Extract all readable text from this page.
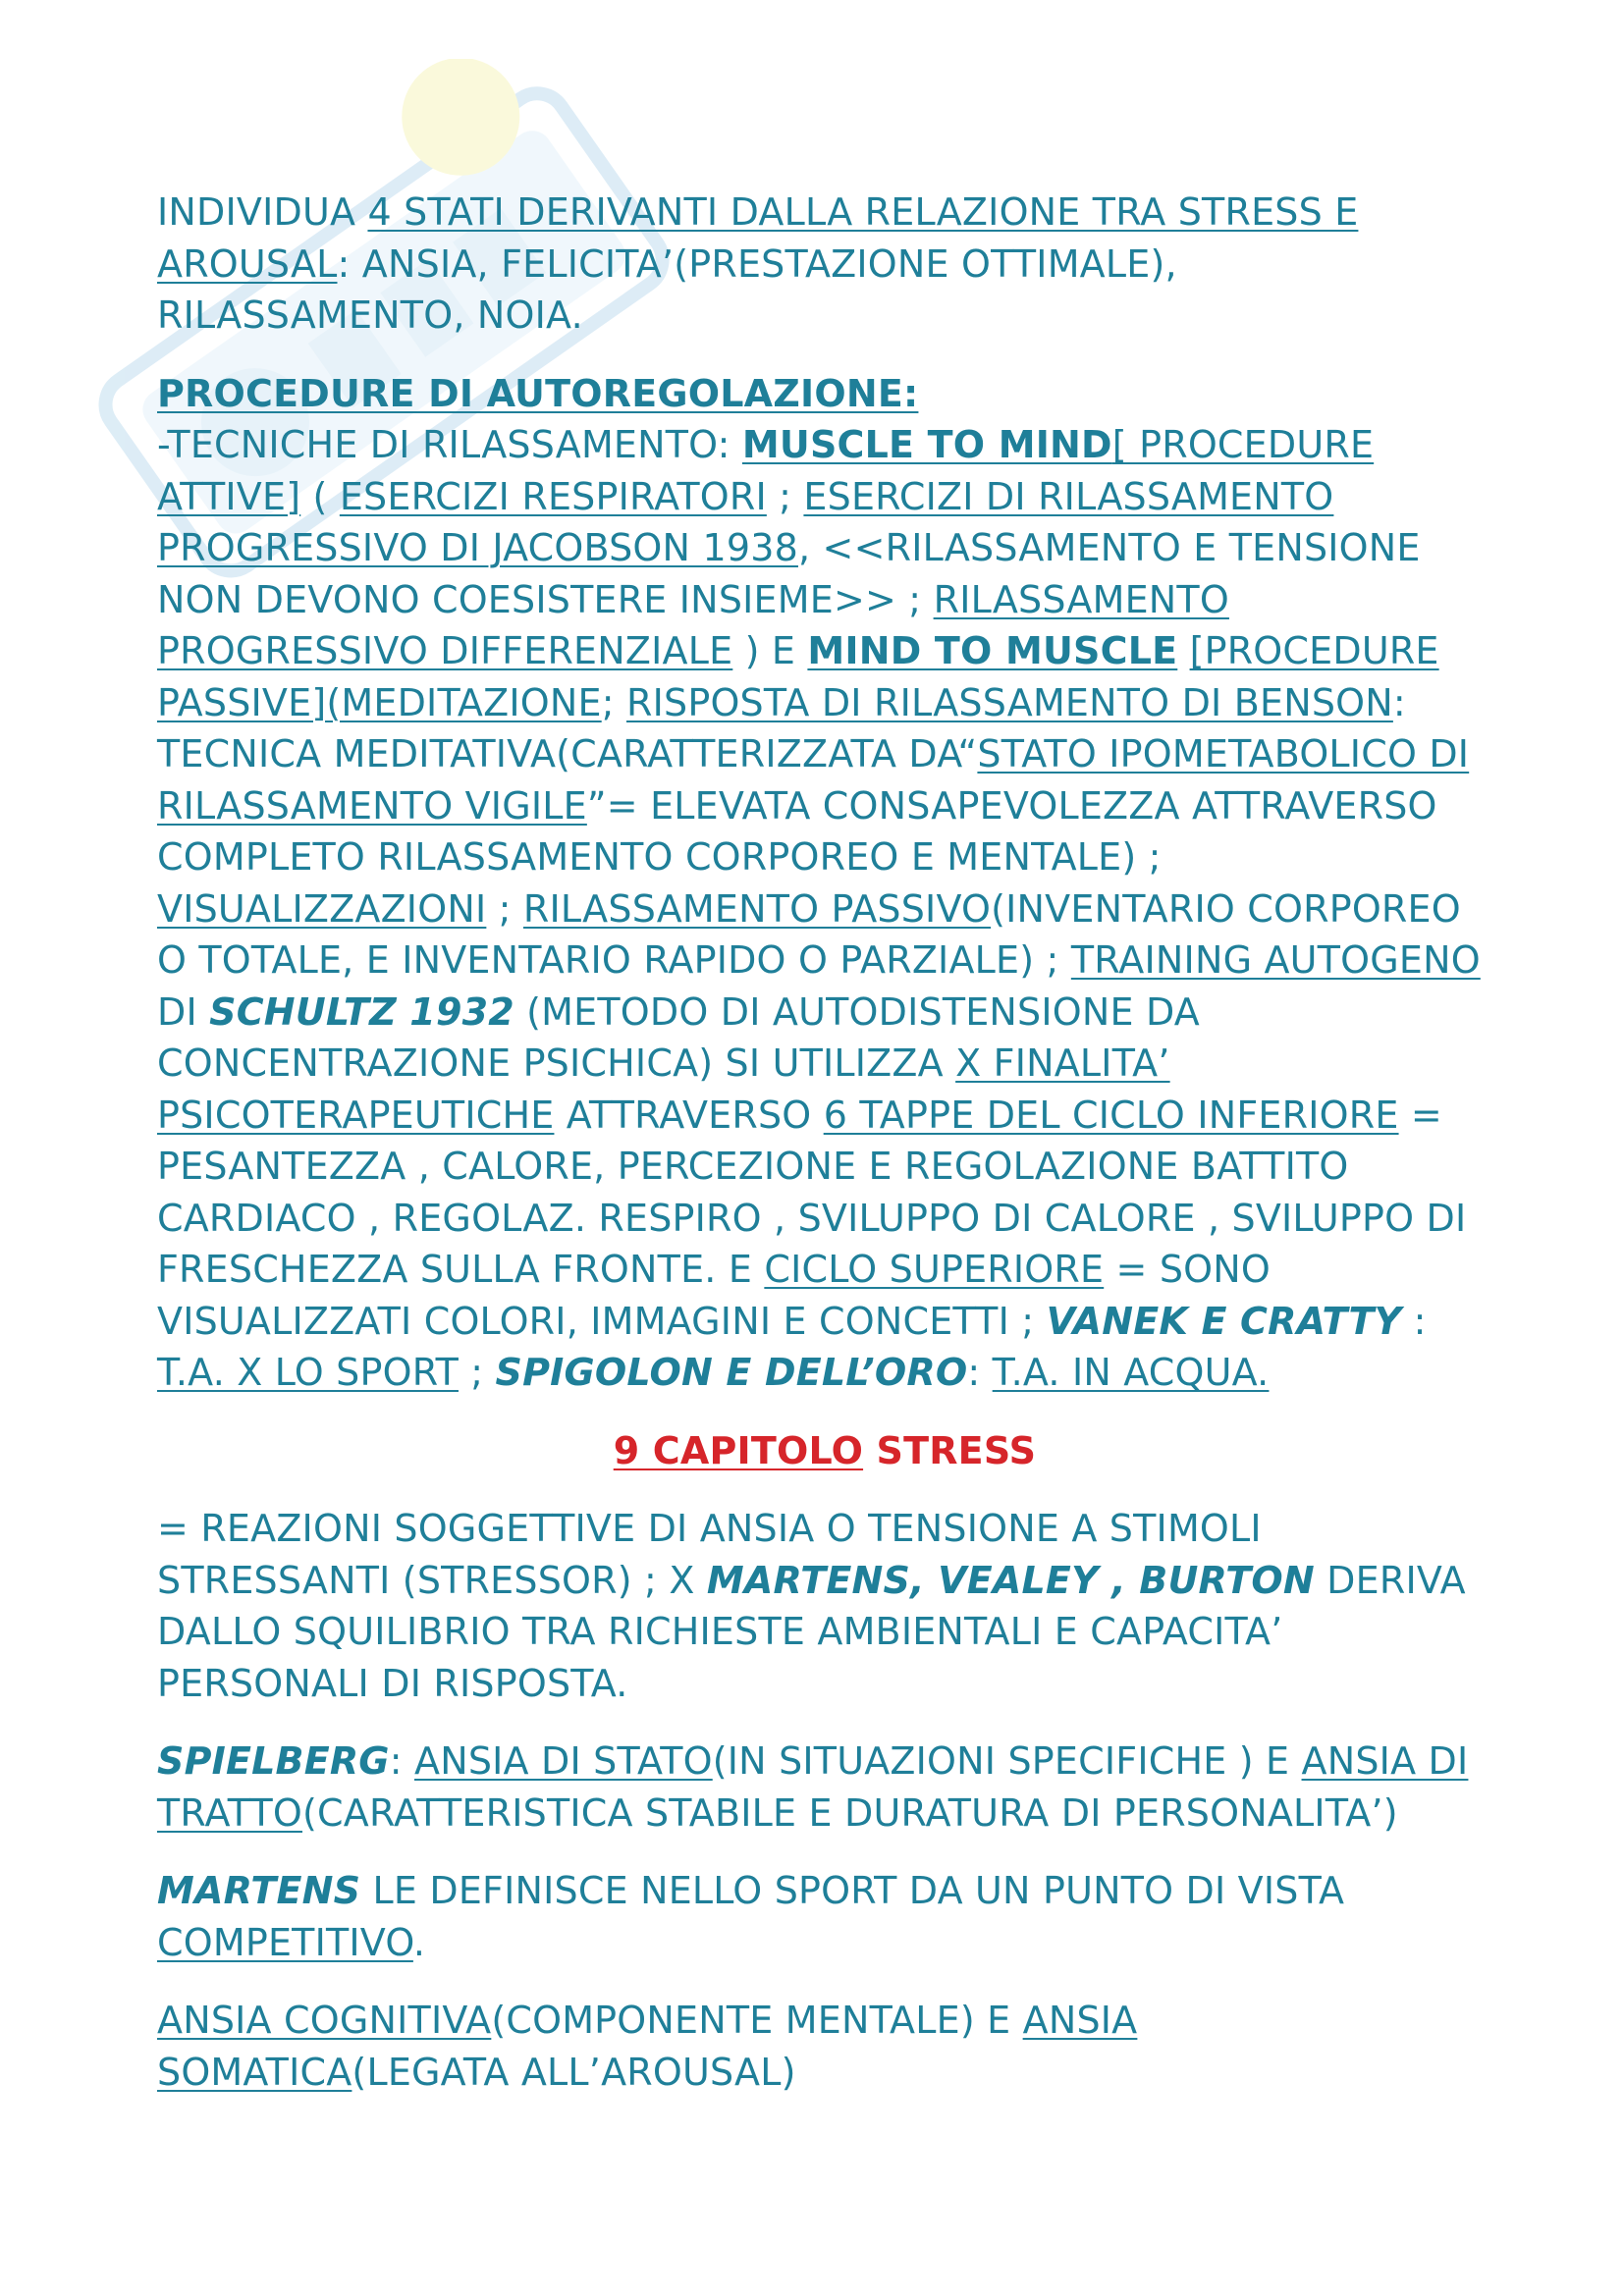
INDIVIDUA 4 STATI DERIVANTI DALLA RELAZIONE TRA STRESS E AROUSAL: ANSIA, FELICITA’(PRESTAZIONE OTTIMALE), RILASSAMENTO, NOIA.

PROCEDURE DI AUTOREGOLAZIONE:
-TECNICHE DI RILASSAMENTO: MUSCLE TO MIND[ PROCEDURE ATTIVE] ( ESERCIZI RESPIRATORI ; ESERCIZI DI RILASSAMENTO PROGRESSIVO DI JACOBSON 1938, <<RILASSAMENTO E TENSIONE NON DEVONO COESISTERE INSIEME>> ; RILASSAMENTO PROGRESSIVO DIFFERENZIALE ) E MIND TO MUSCLE [PROCEDURE PASSIVE](MEDITAZIONE; RISPOSTA DI RILASSAMENTO DI BENSON: TECNICA MEDITATIVA(CARATTERIZZATA DA“STATO IPOMETABOLICO DI RILASSAMENTO VIGILE”= ELEVATA CONSAPEVOLEZZA ATTRAVERSO COMPLETO RILASSAMENTO CORPOREO E MENTALE) ; VISUALIZZAZIONI ; RILASSAMENTO PASSIVO(INVENTARIO CORPOREO O TOTALE, E INVENTARIO RAPIDO O PARZIALE) ; TRAINING AUTOGENO DI SCHULTZ 1932 (METODO DI AUTODISTENSIONE DA CONCENTRAZIONE PSICHICA) SI UTILIZZA X FINALITA’ PSICOTERAPEUTICHE ATTRAVERSO 6 TAPPE DEL CICLO INFERIORE = PESANTEZZA , CALORE, PERCEZIONE E REGOLAZIONE BATTITO CARDIACO , REGOLAZ. RESPIRO , SVILUPPO DI CALORE , SVILUPPO DI FRESCHEZZA SULLA FRONTE. E CICLO SUPERIORE = SONO VISUALIZZATI COLORI, IMMAGINI E CONCETTI ; VANEK E CRATTY : T.A. X LO SPORT ; SPIGOLON E DELL’ORO: T.A. IN ACQUA.

9 CAPITOLO STRESS

= REAZIONI SOGGETTIVE DI ANSIA O TENSIONE A STIMOLI STRESSANTI (STRESSOR) ; X MARTENS, VEALEY , BURTON DERIVA DALLO SQUILIBRIO TRA RICHIESTE AMBIENTALI E CAPACITA’ PERSONALI DI RISPOSTA.

SPIELBERG: ANSIA DI STATO(IN SITUAZIONI SPECIFICHE ) E ANSIA DI TRATTO(CARATTERISTICA STABILE E DURATURA DI PERSONALITA’)

MARTENS LE DEFINISCE NELLO SPORT DA UN PUNTO DI VISTA COMPETITIVO.

ANSIA COGNITIVA(COMPONENTE MENTALE) E ANSIA SOMATICA(LEGATA ALL’AROUSAL)
